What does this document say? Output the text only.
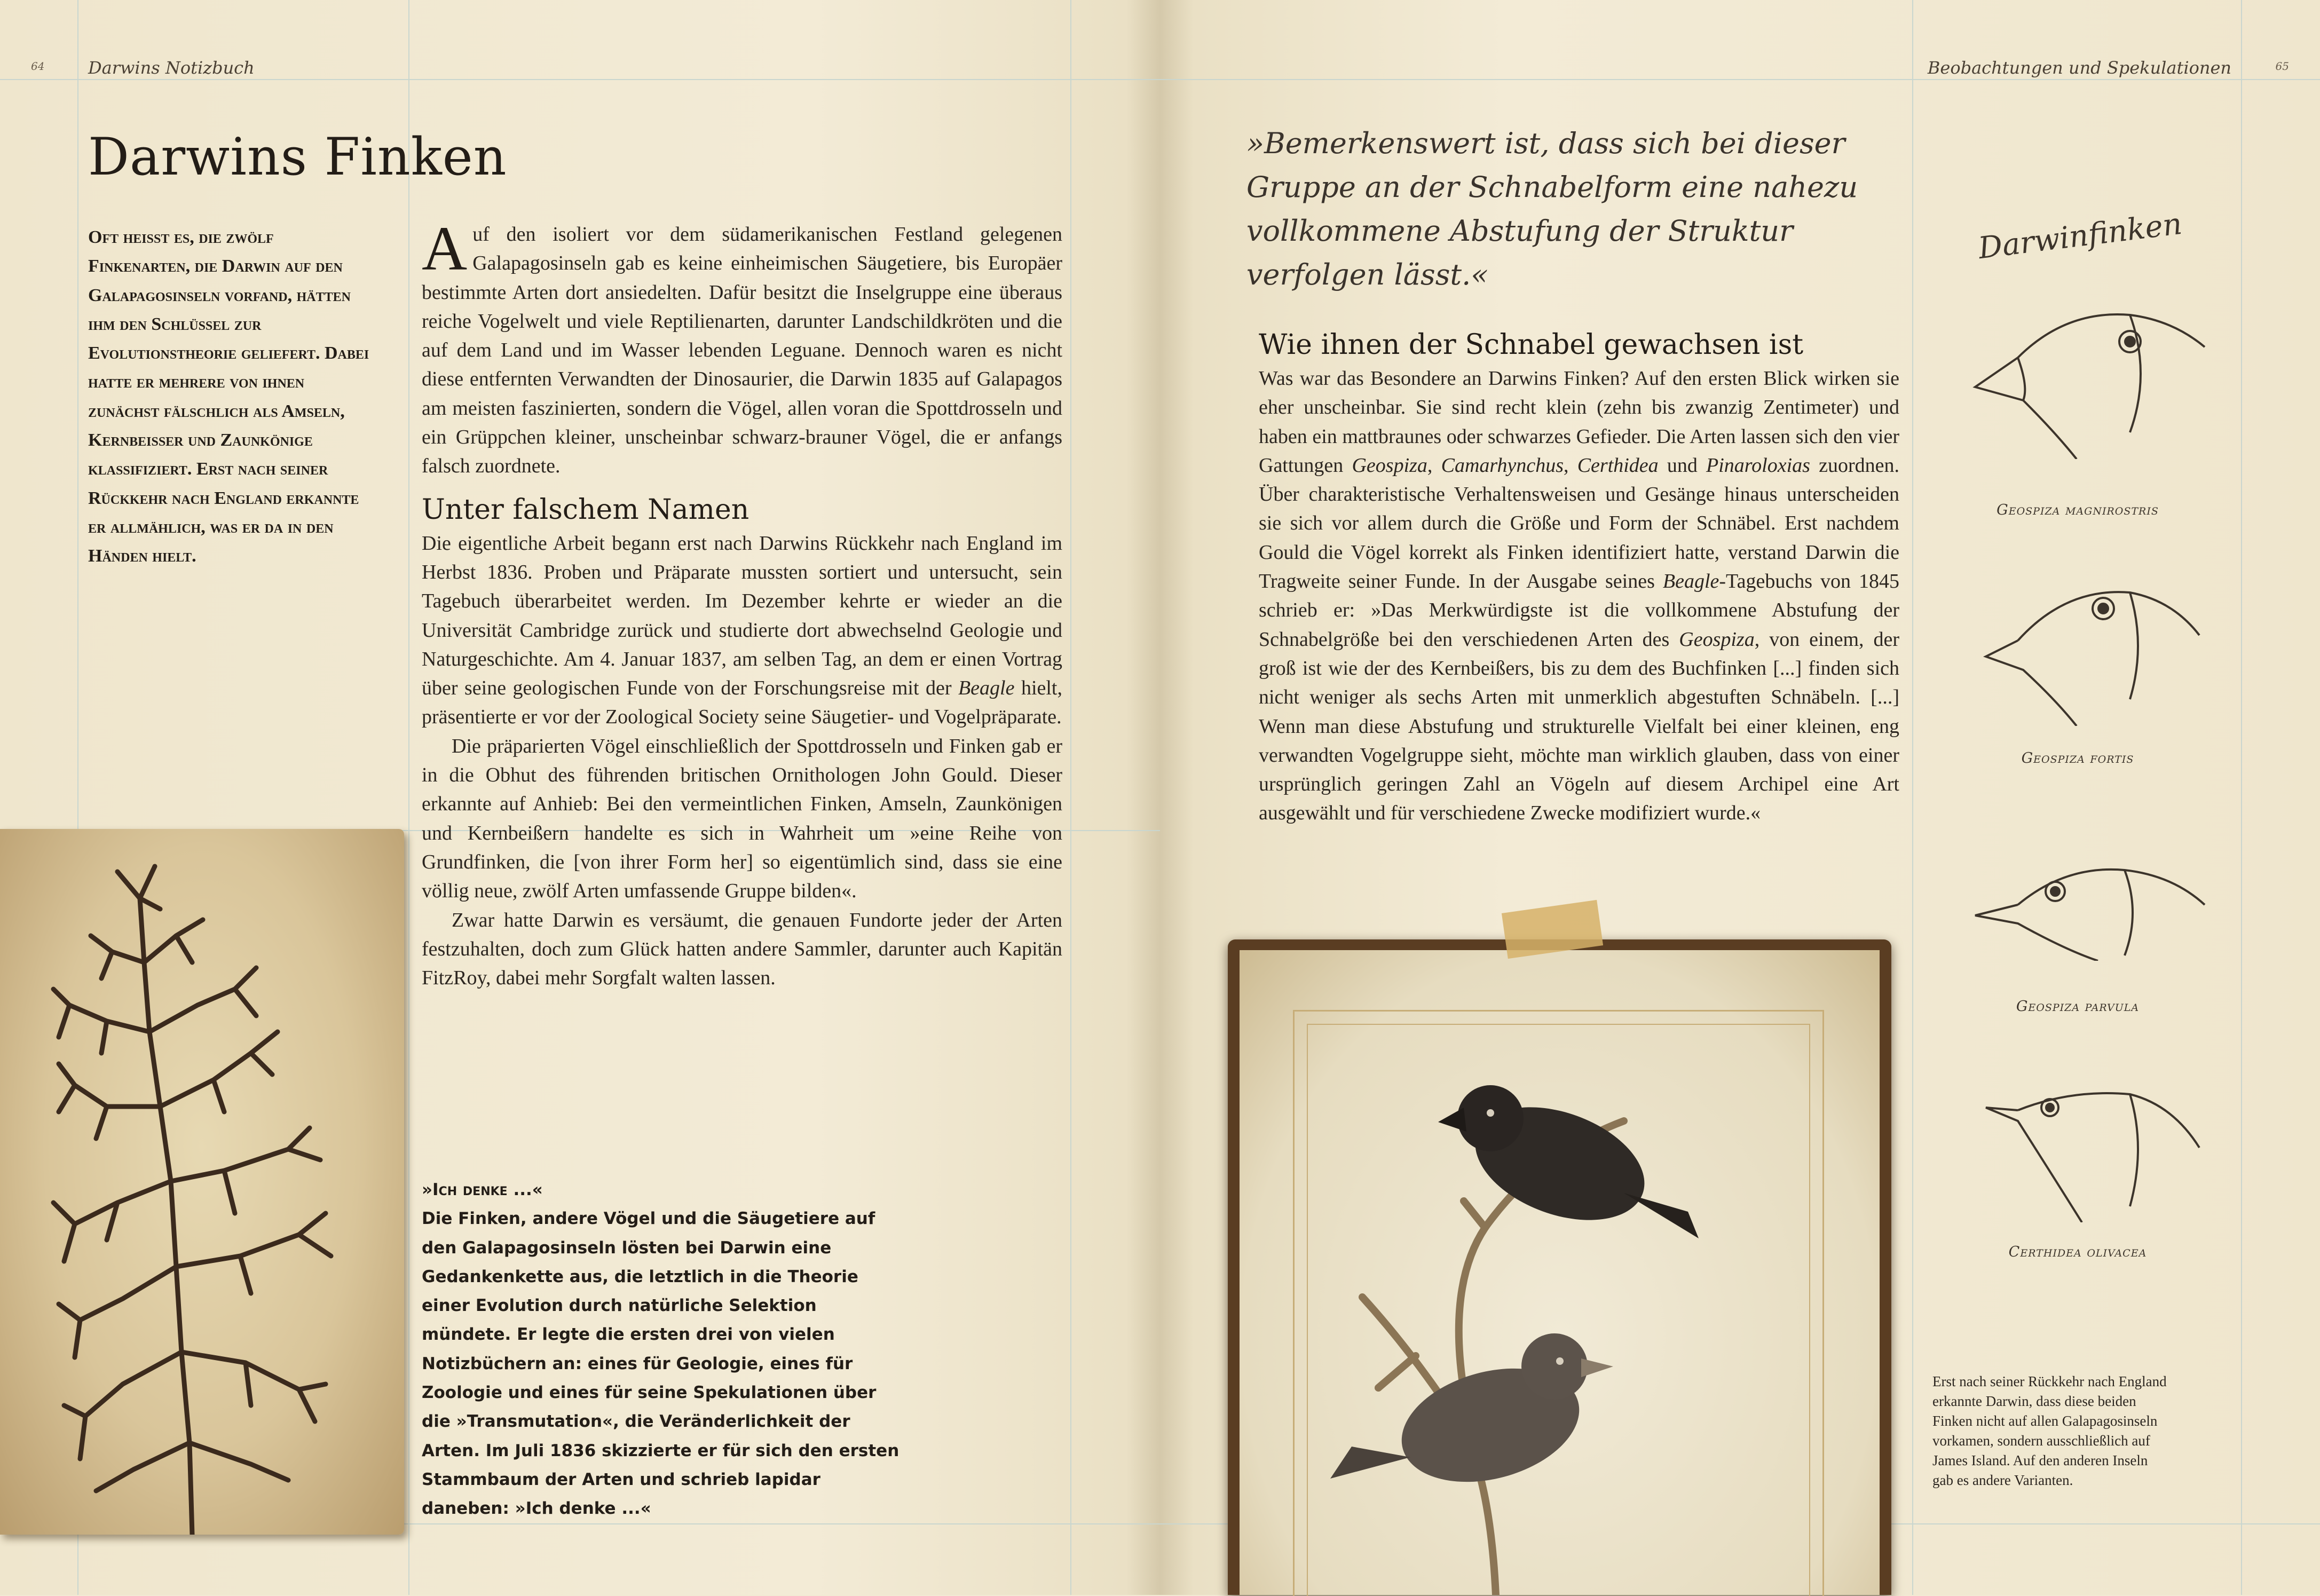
64	Darwins Notizbuch	Beobachtungen und Spekulationen	65
Darwins Finken
Oft heißt es, die zwölf Finkenarten, die Darwin auf den Galapagosinseln vorfand, hätten ihm den Schlüssel zur Evolutionstheorie geliefert. Dabei hatte er mehrere von ihnen zunächst fälschlich als Amseln, Kernbeißer und Zaunkönige klassifiziert. Erst nach seiner Rückkehr nach England erkannte er allmählich, was er da in den Händen hielt.

Auf den isoliert vor dem südamerikanischen Festland gelegenen Galapagosinseln gab es keine einheimischen Säugetiere, bis Europäer bestimmte Arten dort ansiedelten. Dafür besitzt die Inselgruppe eine überaus reiche Vogelwelt und viele Reptilienarten, darunter Landschildkröten und die auf dem Land und im Wasser lebenden Leguane. Dennoch waren es nicht diese entfernten Verwandten der Dinosaurier, die Darwin 1835 auf Galapagos am meisten faszinierten, sondern die Vögel, allen voran die Spottdrosseln und ein Grüppchen kleiner, unscheinbar schwarz-brauner Vögel, die er anfangs falsch zuordnete.

Unter falschem Namen

Die eigentliche Arbeit begann erst nach Darwins Rückkehr nach England im Herbst 1836. Proben und Präparate mussten sortiert und untersucht, sein Tagebuch überarbeitet werden. Im Dezember kehrte er wieder an die Universität Cambridge zurück und studierte dort abwechselnd Geologie und Naturgeschichte. Am 4. Januar 1837, am selben Tag, an dem er einen Vortrag über seine geologischen Funde von der Forschungsreise mit der Beagle hielt, präsentierte er vor der Zoological Society seine Säugetier- und Vogelpräparate.

Die präparierten Vögel einschließlich der Spottdrosseln und Finken gab er in die Obhut des führenden britischen Ornithologen John Gould. Dieser erkannte auf Anhieb: Bei den vermeintlichen Finken, Amseln, Zaunkönigen und Kernbeißern handelte es sich in Wahrheit um »eine Reihe von Grundfinken, die [von ihrer Form her] so eigentümlich sind, dass sie eine völlig neue, zwölf Arten umfassende Gruppe bilden«.

Zwar hatte Darwin es versäumt, die genauen Fundorte jeder der Arten festzuhalten, doch zum Glück hatten andere Sammler, darunter auch Kapitän FitzRoy, dabei mehr Sorgfalt walten lassen.

»Ich denke ...«
Die Finken, andere Vögel und die Säugetiere auf den Galapagosinseln lösten bei Darwin eine Gedankenkette aus, die letztlich in die Theorie einer Evolution durch natürliche Selektion mündete. Er legte die ersten drei von vielen Notizbüchern an: eines für Geologie, eines für Zoologie und eines für seine Spekulationen über die »Transmutation«, die Veränderlichkeit der Arten. Im Juli 1836 skizzierte er für sich den ersten Stammbaum der Arten und schrieb lapidar daneben: »Ich denke ...«
»Bemerkenswert ist, dass sich bei dieser Gruppe an der Schnabelform eine nahezu vollkommene Abstufung der Struktur verfolgen lässt.«
Wie ihnen der Schnabel gewachsen ist

Was war das Besondere an Darwins Finken? Auf den ersten Blick wirken sie eher unscheinbar. Sie sind recht klein (zehn bis zwanzig Zentimeter) und haben ein mattbraunes oder schwarzes Gefieder. Die Arten lassen sich den vier Gattungen Geospiza, Camarhynchus, Certhidea und Pinaroloxias zuordnen. Über charakteristische Verhaltensweisen und Gesänge hinaus unterscheiden sie sich vor allem durch die Größe und Form der Schnäbel. Erst nachdem Gould die Vögel korrekt als Finken identifiziert hatte, verstand Darwin die Tragweite seiner Funde. In der Ausgabe seines Beagle-Tagebuchs von 1845 schrieb er: »Das Merkwürdigste ist die vollkommene Abstufung der Schnabelgröße bei den verschiedenen Arten des Geospiza, von einem, der groß ist wie der des Kernbeißers, bis zu dem des Buchfinken [...] finden sich nicht weniger als sechs Arten mit unmerklich abgestuften Schnäbeln. [...] Wenn man diese Abstufung und strukturelle Vielfalt bei einer kleinen, eng verwandten Vogelgruppe sieht, möchte man wirklich glauben, dass von einer ursprünglich geringen Zahl an Vögeln auf diesem Archipel eine Art ausgewählt und für verschiedene Zwecke modifiziert wurde.«

Darwinfinken
Geospiza magnirostris
Geospiza fortis
Geospiza parvula
Certhidea olivacea
Erst nach seiner Rückkehr nach England erkannte Darwin, dass diese beiden Finken nicht auf allen Galapagosinseln vorkamen, sondern ausschließlich auf James Island. Auf den anderen Inseln gab es andere Varianten.
